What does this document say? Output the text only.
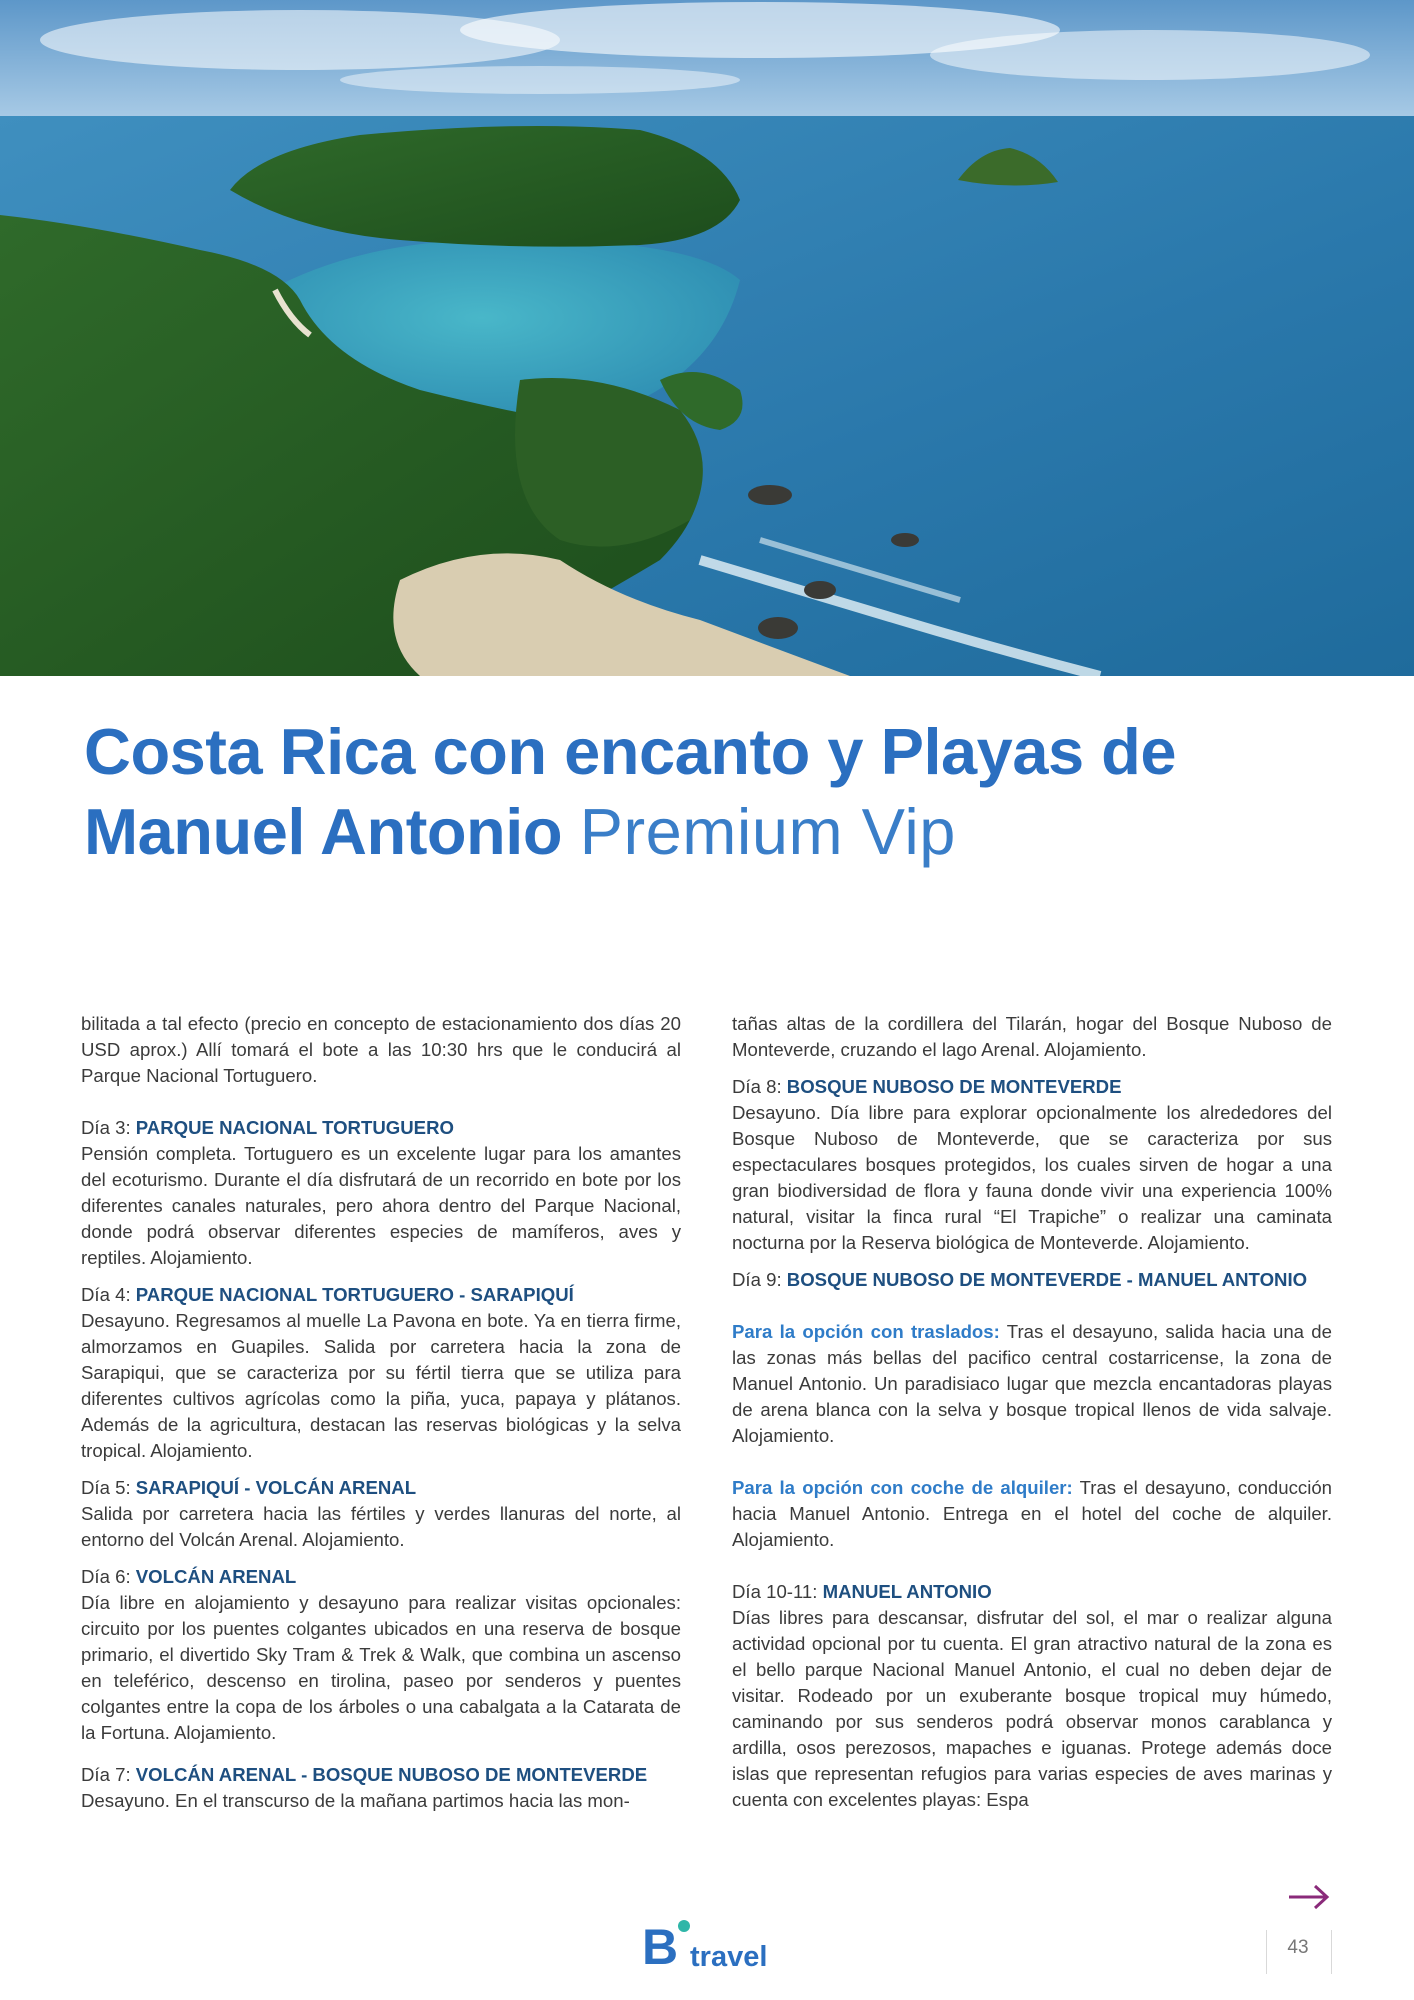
Costa Rica con encanto y Playas de
Manuel Antonio Premium Vip

bilitada a tal efecto (precio en concepto de estacionamiento dos días 20 USD aprox.) Allí tomará el bote a las 10:30 hrs que le conducirá al Parque Nacional Tortuguero.

Día 3: PARQUE NACIONAL TORTUGUERO

Pensión completa. Tortuguero es un excelente lugar para los amantes del ecoturismo. Durante el día disfrutará de un recorrido en bote por los diferentes canales naturales, pero ahora dentro del Parque Nacional, donde podrá observar diferentes especies de mamíferos, aves y reptiles. Alojamiento.

Día 4: PARQUE NACIONAL TORTUGUERO - SARAPIQUÍ

Desayuno. Regresamos al muelle La Pavona en bote. Ya en tierra firme, almorzamos en Guapiles. Salida por carretera hacia la zona de Sarapiqui, que se caracteriza por su fértil tierra que se utiliza para diferentes cultivos agrícolas como la piña, yuca, papaya y plátanos. Además de la agricultura, destacan las reservas biológicas y la selva tropical. Alojamiento.

Día 5: SARAPIQUÍ - VOLCÁN ARENAL

Salida por carretera hacia las fértiles y verdes llanuras del norte, al entorno del Volcán Arenal. Alojamiento.

Día 6: VOLCÁN ARENAL

Día libre en alojamiento y desayuno para realizar visitas opcionales: circuito por los puentes colgantes ubicados en una reserva de bosque primario, el divertido Sky Tram & Trek & Walk, que combina un ascenso en teleférico, descenso en tirolina, paseo por senderos y puentes colgantes entre la copa de los árboles o una cabalgata a la Catarata de la Fortuna. Alojamiento.

Día 7: VOLCÁN ARENAL - BOSQUE NUBOSO DE MONTEVERDE

Desayuno. En el transcurso de la mañana partimos hacia las mon-

tañas altas de la cordillera del Tilarán, hogar del Bosque Nuboso de Monteverde, cruzando el lago Arenal. Alojamiento.

Día 8: BOSQUE NUBOSO DE MONTEVERDE

Desayuno. Día libre para explorar opcionalmente los alrededores del Bosque Nuboso de Monteverde, que se caracteriza por sus espectaculares bosques protegidos, los cuales sirven de hogar a una gran biodiversidad de flora y fauna donde vivir una experiencia 100% natural, visitar la finca rural “El Trapiche” o realizar una caminata nocturna por la Reserva biológica de Monteverde. Alojamiento.

Día 9: BOSQUE NUBOSO DE MONTEVERDE - MANUEL ANTONIO

Para la opción con traslados: Tras el desayuno, salida hacia una de las zonas más bellas del pacifico central costarricense, la zona de Manuel Antonio. Un paradisiaco lugar que mezcla encantadoras playas de arena blanca con la selva y bosque tropical llenos de vida salvaje. Alojamiento.

Para la opción con coche de alquiler: Tras el desayuno, conducción hacia Manuel Antonio. Entrega en el hotel del coche de alquiler. Alojamiento.

Día 10-11: MANUEL ANTONIO

Días libres para descansar, disfrutar del sol, el mar o realizar alguna actividad opcional por tu cuenta. El gran atractivo natural de la zona es el bello parque Nacional Manuel Antonio, el cual no deben dejar de visitar. Rodeado por un exuberante bosque tropical muy húmedo, caminando por sus senderos podrá observar monos carablanca y ardilla, osos perezosos, mapaches e iguanas. Protege además doce islas que representan refugios para varias especies de aves marinas y cuenta con excelentes playas: Espa

B travel	43
